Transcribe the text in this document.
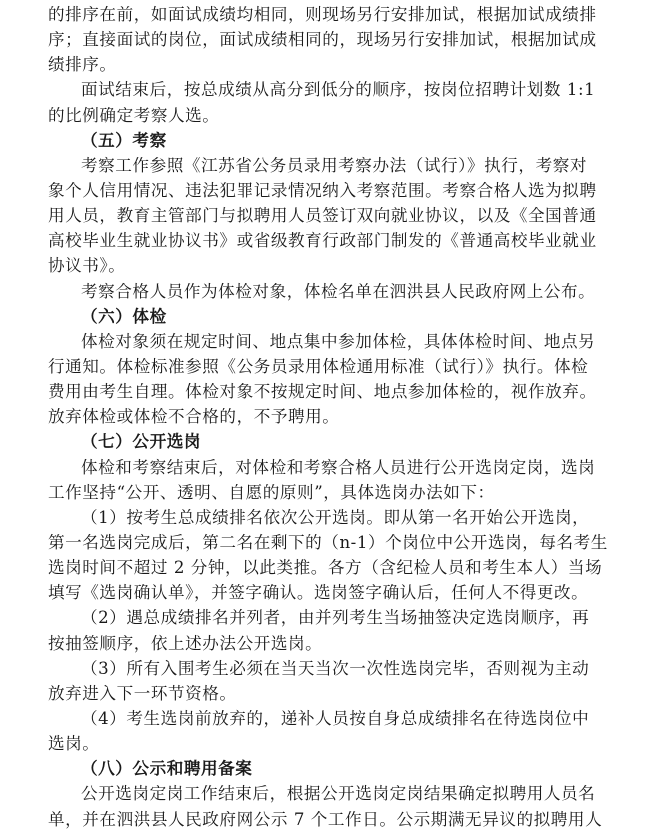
的排序在前，如面试成绩均相同，则现场另行安排加试，根据加试成绩排
序；直接面试的岗位，面试成绩相同的，现场另行安排加试，根据加试成
绩排序。
面试结束后，按总成绩从高分到低分的顺序，按岗位招聘计划数 1:1
的比例确定考察人选。
（五）考察
考察工作参照《江苏省公务员录用考察办法（试行）》执行，考察对
象个人信用情况、违法犯罪记录情况纳入考察范围。考察合格人选为拟聘
用人员，教育主管部门与拟聘用人员签订双向就业协议，以及《全国普通
高校毕业生就业协议书》或省级教育行政部门制发的《普通高校毕业就业
协议书》。
考察合格人员作为体检对象，体检名单在泗洪县人民政府网上公布。
（六）体检
体检对象须在规定时间、地点集中参加体检，具体体检时间、地点另
行通知。体检标准参照《公务员录用体检通用标准（试行）》执行。体检
费用由考生自理。体检对象不按规定时间、地点参加体检的，视作放弃。
放弃体检或体检不合格的，不予聘用。
（七）公开选岗
体检和考察结束后，对体检和考察合格人员进行公开选岗定岗，选岗
工作坚持“公开、透明、自愿的原则”，具体选岗办法如下：
（1）按考生总成绩排名依次公开选岗。即从第一名开始公开选岗，
第一名选岗完成后，第二名在剩下的（n-1）个岗位中公开选岗，每名考生
选岗时间不超过 2 分钟，以此类推。各方（含纪检人员和考生本人）当场
填写《选岗确认单》，并签字确认。选岗签字确认后，任何人不得更改。
（2）遇总成绩排名并列者，由并列考生当场抽签决定选岗顺序，再
按抽签顺序，依上述办法公开选岗。
（3）所有入围考生必须在当天当次一次性选岗完毕，否则视为主动
放弃进入下一环节资格。
（4）考生选岗前放弃的，递补人员按自身总成绩排名在待选岗位中
选岗。
（八）公示和聘用备案
公开选岗定岗工作结束后，根据公开选岗定岗结果确定拟聘用人员名
单，并在泗洪县人民政府网公示 7 个工作日。公示期满无异议的拟聘用人
